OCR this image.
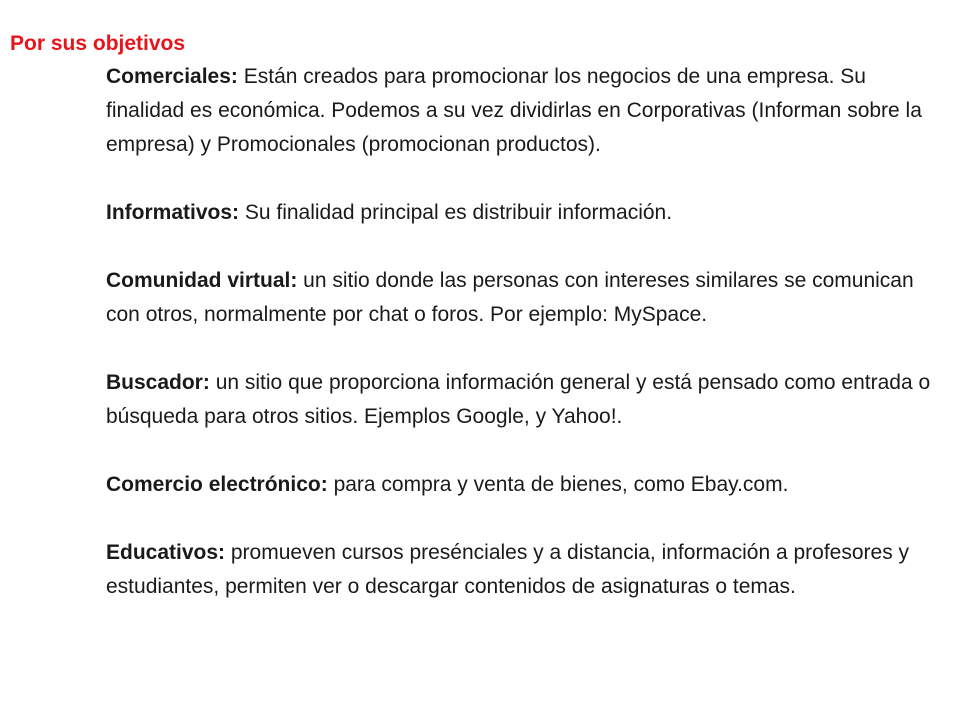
Por sus objetivos
Comerciales: Están creados para promocionar los negocios de una empresa. Su finalidad es económica. Podemos a su vez dividirlas en Corporativas (Informan sobre la empresa) y Promocionales (promocionan productos).
Informativos: Su finalidad principal es distribuir información.
Comunidad virtual: un sitio donde las personas con intereses similares se comunican con otros, normalmente por chat o foros. Por ejemplo: MySpace.
Buscador: un sitio que proporciona información general y está pensado como entrada o búsqueda para otros sitios. Ejemplos Google, y Yahoo!.
Comercio electrónico: para compra y venta de bienes, como Ebay.com.
Educativos: promueven cursos presénciales y a distancia, información a profesores y estudiantes, permiten ver o descargar contenidos de asignaturas o temas.
